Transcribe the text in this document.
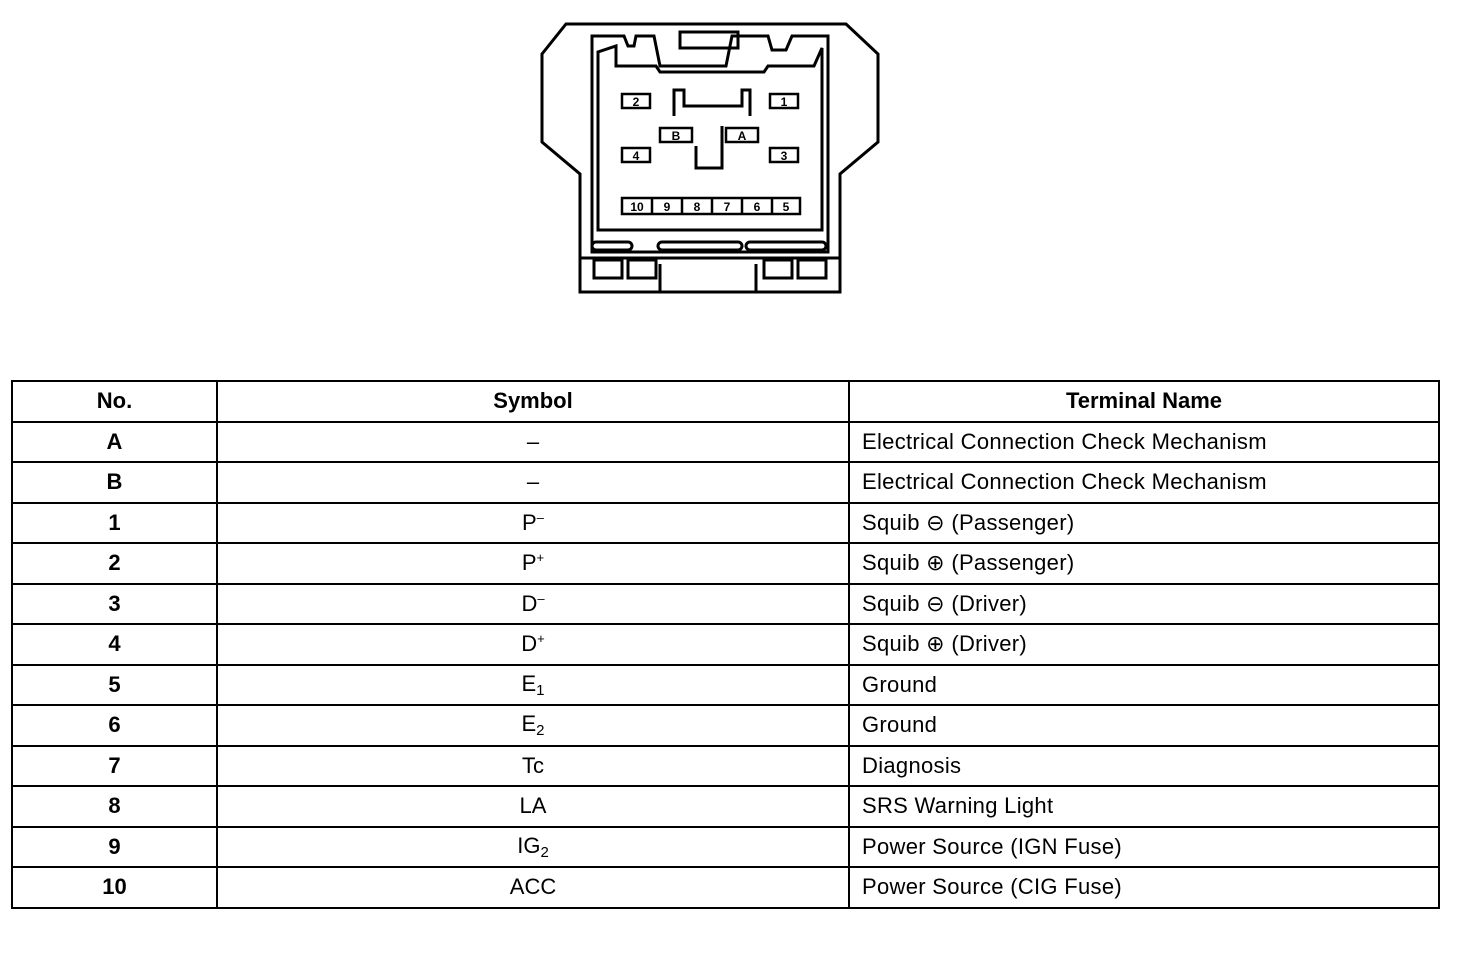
2	1
4	3
B	A
10 9 8 7 6 5
No.	Symbol	Terminal Name
A	–	Electrical Connection Check Mechanism
B	–	Electrical Connection Check Mechanism
1	P–	Squib ⊖ (Passenger)
2	P+	Squib ⊕ (Passenger)
3	D–	Squib ⊖ (Driver)
4	D+	Squib ⊕ (Driver)
5	$E_1$	Ground
6	$E_2$	Ground
7	Tc	Diagnosis
8	LA	SRS Warning Light
9	$IG_2$	Power Source (IGN Fuse)
10	ACC	Power Source (CIG Fuse)
